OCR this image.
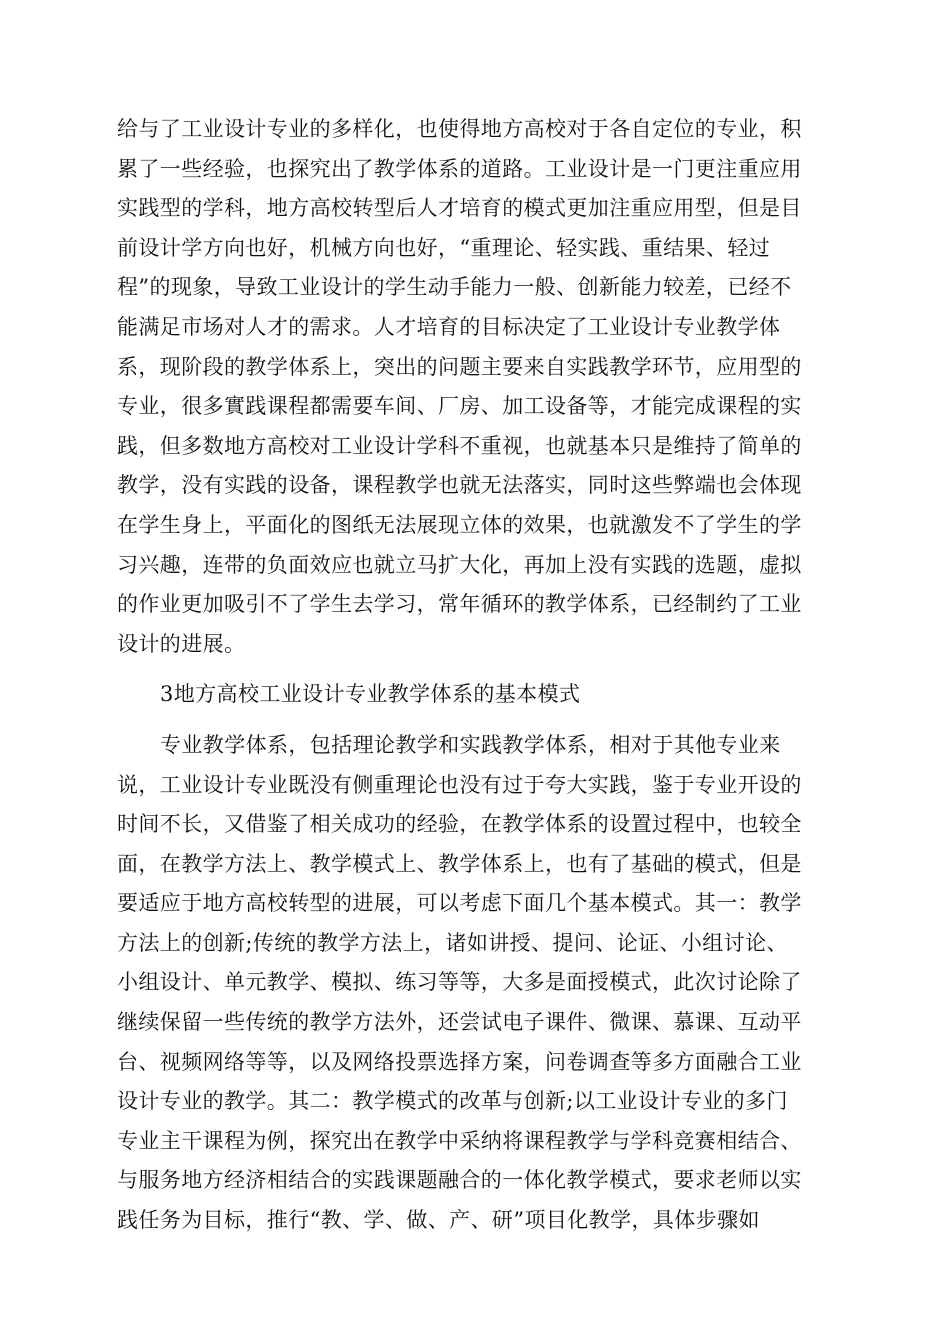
给与了工业设计专业的多样化，也使得地方高校对于各自定位的专业，积
累了一些经验，也探究出了教学体系的道路。工业设计是一门更注重应用
实践型的学科，地方高校转型后人才培育的模式更加注重应用型，但是目
前设计学方向也好，机械方向也好，“重理论、轻实践、重结果、轻过
程”的现象，导致工业设计的学生动手能力一般、创新能力较差，已经不
能满足市场对人才的需求。人才培育的目标决定了工业设计专业教学体
系，现阶段的教学体系上，突出的问题主要来自实践教学环节，应用型的
专业，很多實践课程都需要车间、厂房、加工设备等，才能完成课程的实
践，但多数地方高校对工业设计学科不重视，也就基本只是维持了简单的
教学，没有实践的设备，课程教学也就无法落实，同时这些弊端也会体现
在学生身上，平面化的图纸无法展现立体的效果，也就激发不了学生的学
习兴趣，连带的负面效应也就立马扩大化，再加上没有实践的选题，虚拟
的作业更加吸引不了学生去学习，常年循环的教学体系，已经制约了工业
设计的进展。
3地方高校工业设计专业教学体系的基本模式
专业教学体系，包括理论教学和实践教学体系，相对于其他专业来
说，工业设计专业既没有侧重理论也没有过于夸大实践，鉴于专业开设的
时间不长，又借鉴了相关成功的经验，在教学体系的设置过程中，也较全
面，在教学方法上、教学模式上、教学体系上，也有了基础的模式，但是
要适应于地方高校转型的进展，可以考虑下面几个基本模式。其一：教学
方法上的创新;传统的教学方法上，诸如讲授、提问、论证、小组讨论、
小组设计、单元教学、模拟、练习等等，大多是面授模式，此次讨论除了
继续保留一些传统的教学方法外，还尝试电子课件、微课、慕课、互动平
台、视频网络等等，以及网络投票选择方案，问卷调查等多方面融合工业
设计专业的教学。其二：教学模式的改革与创新;以工业设计专业的多门
专业主干课程为例，探究出在教学中采纳将课程教学与学科竞赛相结合、
与服务地方经济相结合的实践课题融合的一体化教学模式，要求老师以实
践任务为目标，推行“教、学、做、产、研”项目化教学，具体步骤如
